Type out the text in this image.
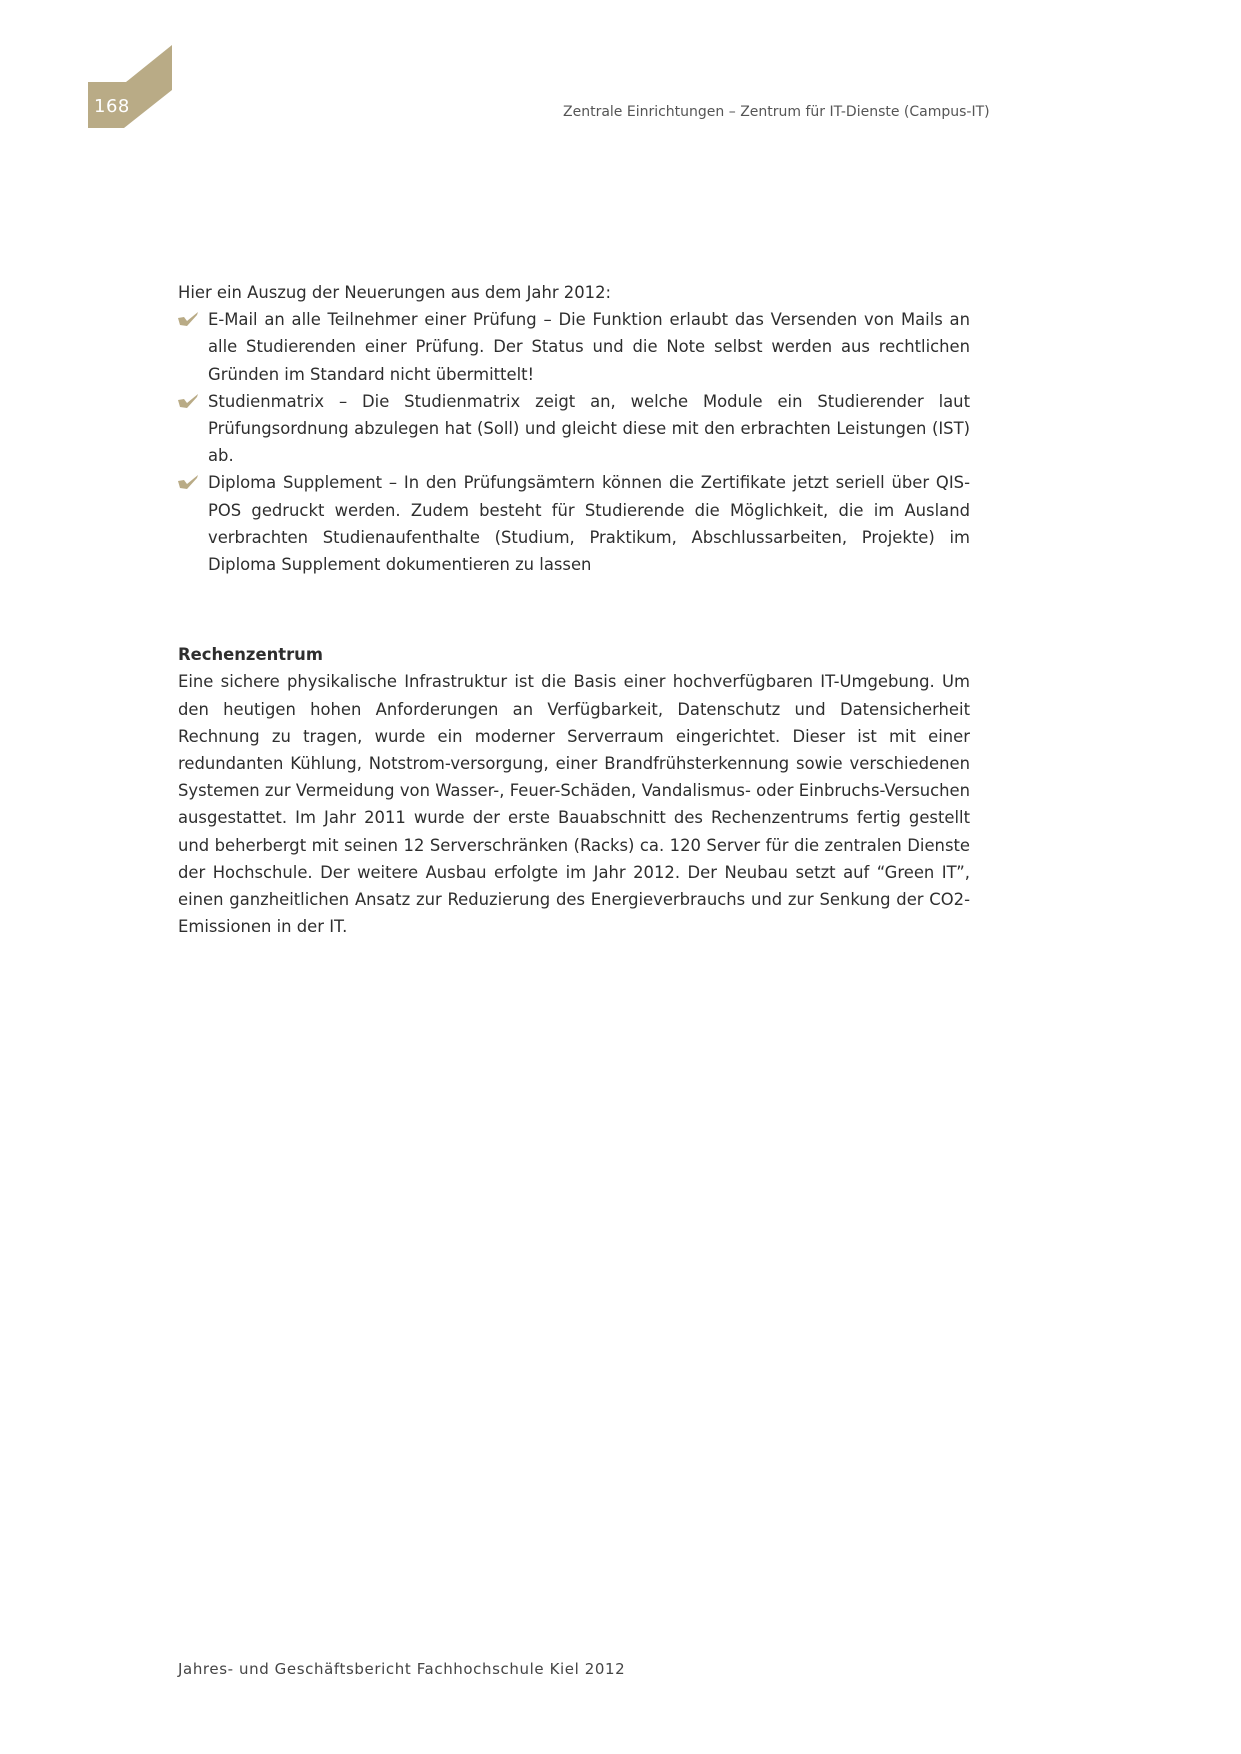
168	Zentrale Einrichtungen – Zentrum für IT-Dienste (Campus-IT)

Hier ein Auszug der Neuerungen aus dem Jahr 2012:

E-Mail an alle Teilnehmer einer Prüfung – Die Funktion erlaubt das Versenden von Mails an alle Studierenden einer Prüfung. Der Status und die Note selbst werden aus rechtlichen Gründen im Standard nicht übermittelt!
Studienmatrix – Die Studienmatrix zeigt an, welche Module ein Studierender laut Prüfungsordnung abzulegen hat (Soll) und gleicht diese mit den erbrachten Leistungen (IST) ab.
Diploma Supplement – In den Prüfungsämtern können die Zertifikate jetzt seriell über QIS-POS gedruckt werden. Zudem besteht für Studierende die Möglichkeit, die im Ausland verbrachten Studienaufenthalte (Studium, Praktikum, Abschlussarbeiten, Projekte) im Diploma Supplement dokumentieren zu lassen
Rechenzentrum

Eine sichere physikalische Infrastruktur ist die Basis einer hochverfügbaren IT-Umgebung. Um den heutigen hohen Anforderungen an Verfügbarkeit, Datenschutz und Datensicherheit Rechnung zu tragen, wurde ein moderner Serverraum eingerichtet. Dieser ist mit einer redundanten Kühlung, Notstrom-versorgung, einer Brandfrühsterkennung sowie verschiedenen Systemen zur Vermeidung von Wasser-, Feuer-Schäden, Vandalismus- oder Einbruchs-Versuchen ausgestattet. Im Jahr 2011 wurde der erste Bauabschnitt des Rechenzentrums fertig gestellt und beherbergt mit seinen 12 Serverschränken (Racks) ca. 120 Server für die zentralen Dienste der Hochschule. Der weitere Ausbau erfolgte im Jahr 2012. Der Neubau setzt auf “Green IT”, einen ganzheitlichen Ansatz zur Reduzierung des Energieverbrauchs und zur Senkung der CO2-Emissionen in der IT.

Jahres- und Geschäftsbericht Fachhochschule Kiel 2012
